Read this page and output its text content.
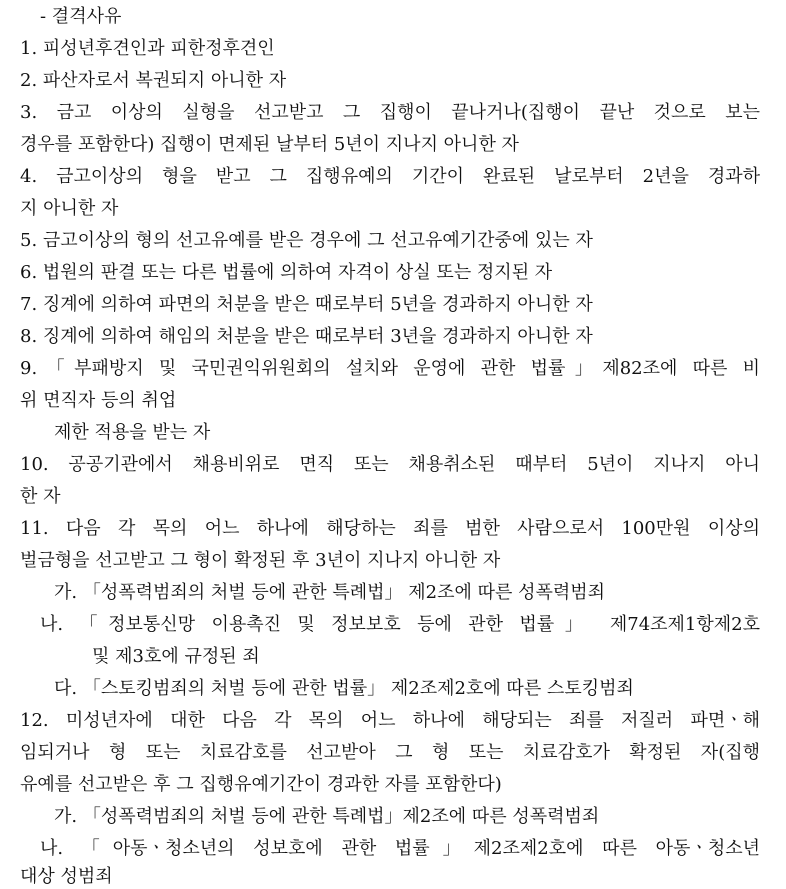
- 결격사유
1. 피성년후견인과 피한정후견인
2. 파산자로서 복권되지 아니한 자
3. 금고 이상의 실형을 선고받고 그 집행이 끝나거나(집행이 끝난 것으로 보는
경우를 포함한다) 집행이 면제된 날부터 5년이 지나지 아니한 자
4. 금고이상의 형을 받고 그 집행유예의 기간이 완료된 날로부터 2년을 경과하
지 아니한 자
5. 금고이상의 형의 선고유예를 받은 경우에 그 선고유예기간중에 있는 자
6. 법원의 판결 또는 다른 법률에 의하여 자격이 상실 또는 정지된 자
7. 징계에 의하여 파면의 처분을 받은 때로부터 5년을 경과하지 아니한 자
8. 징계에 의하여 해임의 처분을 받은 때로부터 3년을 경과하지 아니한 자
9.「부패방지 및 국민권익위원회의 설치와 운영에 관한 법률」제82조에 따른 비
위 면직자 등의 취업
제한 적용을 받는 자
10. 공공기관에서 채용비위로 면직 또는 채용취소된 때부터 5년이 지나지 아니
한 자
11. 다음 각 목의 어느 하나에 해당하는 죄를 범한 사람으로서 100만원 이상의
벌금형을 선고받고 그 형이 확정된 후 3년이 지나지 아니한 자
가. 「성폭력범죄의 처벌 등에 관한 특례법」 제2조에 따른 성폭력범죄
나. 「정보통신망 이용촉진 및 정보보호 등에 관한 법률」 제74조제1항제2호
및 제3호에 규정된 죄
다. 「스토킹범죄의 처벌 등에 관한 법률」 제2조제2호에 따른 스토킹범죄
12. 미성년자에 대한 다음 각 목의 어느 하나에 해당되는 죄를 저질러 파면ㆍ해
임되거나 형 또는 치료감호를 선고받아 그 형 또는 치료감호가 확정된 자(집행
유예를 선고받은 후 그 집행유예기간이 경과한 자를 포함한다)
가. 「성폭력범죄의 처벌 등에 관한 특례법」제2조에 따른 성폭력범죄
나. 「아동ㆍ청소년의 성보호에 관한 법률」제2조제2호에 따른 아동ㆍ청소년
대상 성범죄
